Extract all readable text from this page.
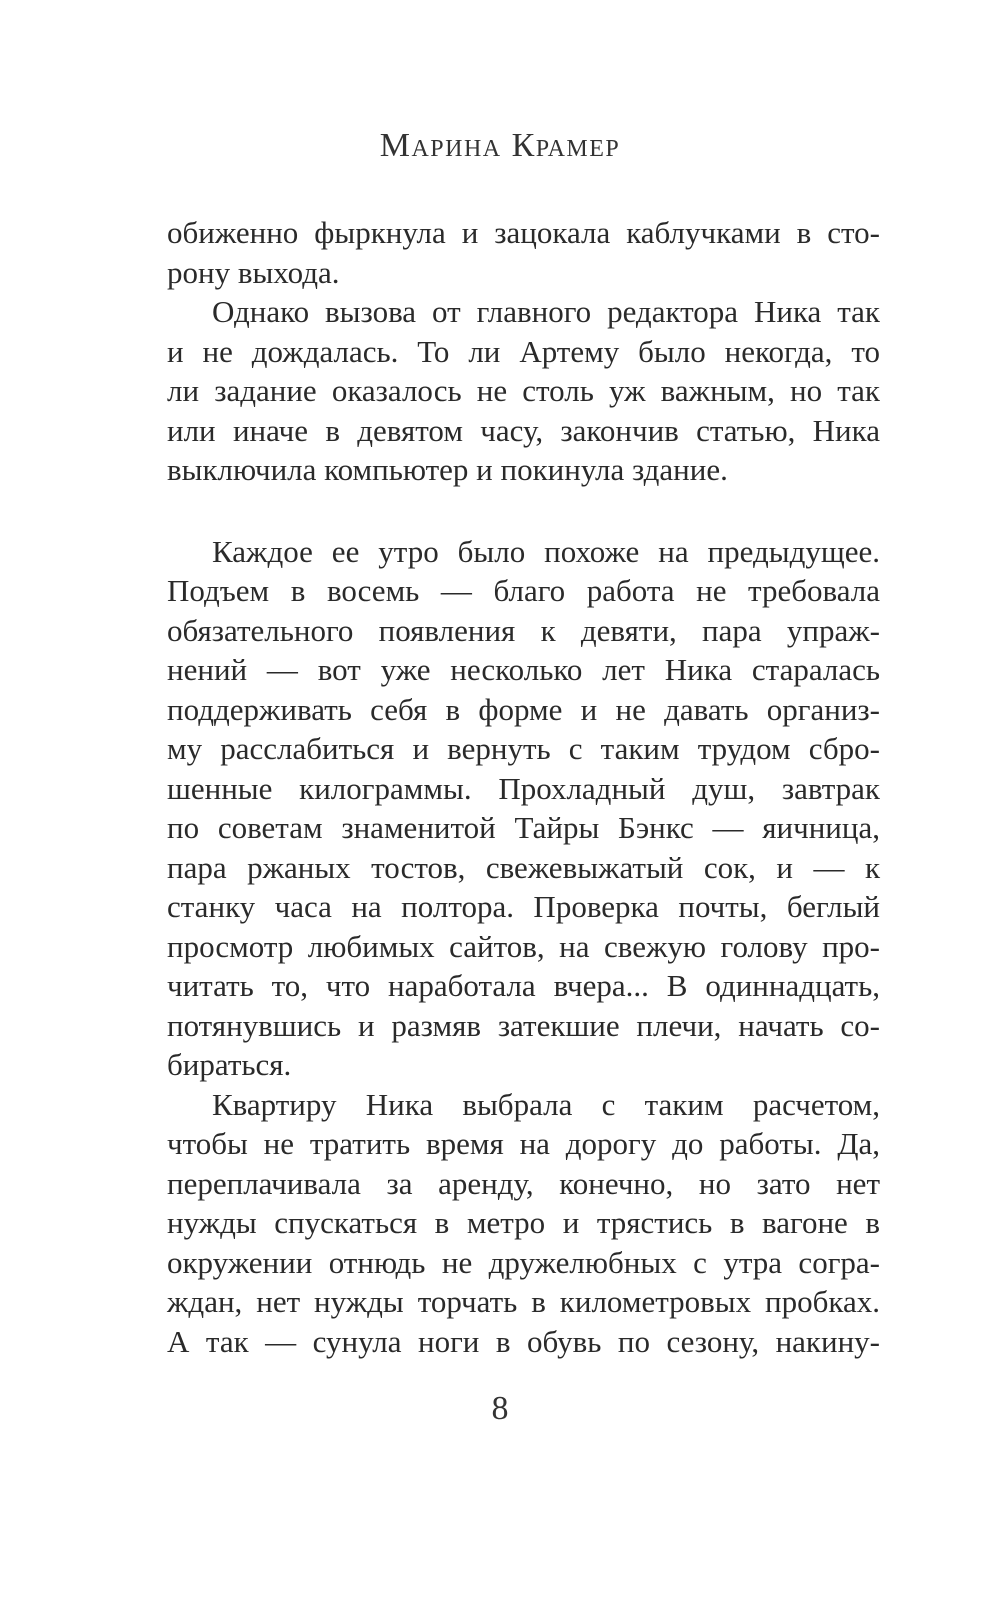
Марина Крамер
обиженно фыркнула и зацокала каблучками в сто-
рону выхода.
Однако вызова от главного редактора Ника так
и не дождалась. То ли Артему было некогда, то
ли задание оказалось не столь уж важным, но так
или иначе в девятом часу, закончив статью, Ника
выключила компьютер и покинула здание.
Каждое ее утро было похоже на предыдущее.
Подъем в восемь — благо работа не требовала
обязательного появления к девяти, пара упраж-
нений — вот уже несколько лет Ника старалась
поддерживать себя в форме и не давать организ-
му расслабиться и вернуть с таким трудом сбро-
шенные килограммы. Прохладный душ, завтрак
по советам знаменитой Тайры Бэнкс — яичница,
пара ржаных тостов, свежевыжатый сок, и — к
станку часа на полтора. Проверка почты, беглый
просмотр любимых сайтов, на свежую голову про-
читать то, что наработала вчера... В одиннадцать,
потянувшись и размяв затекшие плечи, начать со-
бираться.
Квартиру Ника выбрала с таким расчетом,
чтобы не тратить время на дорогу до работы. Да,
переплачивала за аренду, конечно, но зато нет
нужды спускаться в метро и трястись в вагоне в
окружении отнюдь не дружелюбных с утра согра-
ждан, нет нужды торчать в километровых пробках.
А так — сунула ноги в обувь по сезону, накину-
8
